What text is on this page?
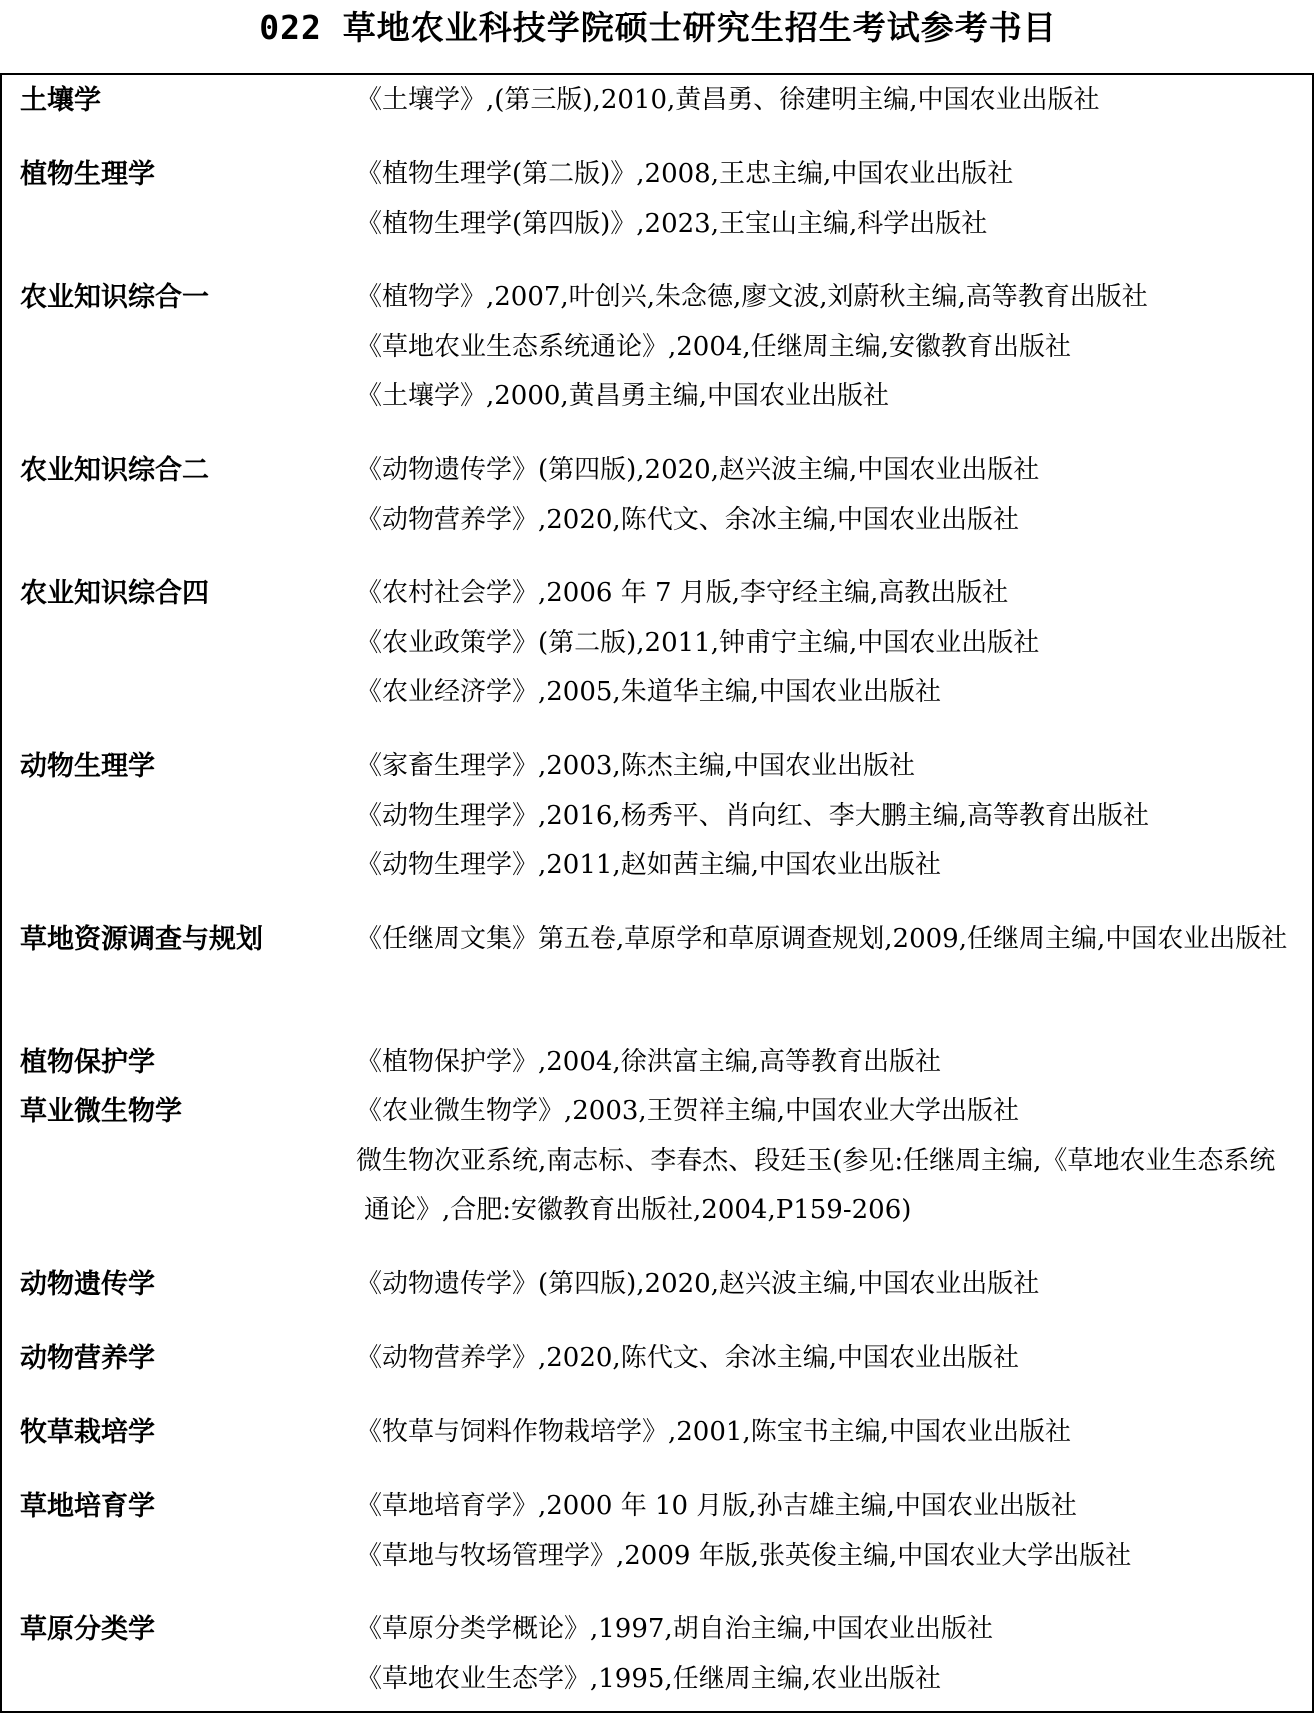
022 草地农业科技学院硕士研究生招生考试参考书目
土壤学	《土壤学》,(第三版),2010,黄昌勇、徐建明主编,中国农业出版社
植物生理学	《植物生理学(第二版)》,2008,王忠主编,中国农业出版社
《植物生理学(第四版)》,2023,王宝山主编,科学出版社
农业知识综合一	《植物学》,2007,叶创兴,朱念德,廖文波,刘蔚秋主编,高等教育出版社
《草地农业生态系统通论》,2004,任继周主编,安徽教育出版社
《土壤学》,2000,黄昌勇主编,中国农业出版社
农业知识综合二	《动物遗传学》(第四版),2020,赵兴波主编,中国农业出版社
《动物营养学》,2020,陈代文、余冰主编,中国农业出版社
农业知识综合四	《农村社会学》,2006 年 7 月版,李守经主编,高教出版社
《农业政策学》(第二版),2011,钟甫宁主编,中国农业出版社
《农业经济学》,2005,朱道华主编,中国农业出版社
动物生理学	《家畜生理学》,2003,陈杰主编,中国农业出版社
《动物生理学》,2016,杨秀平、肖向红、李大鹏主编,高等教育出版社
《动物生理学》,2011,赵如茜主编,中国农业出版社
草地资源调查与规划	《任继周文集》第五卷,草原学和草原调查规划,2009,任继周主编,中国农业出版社
植物保护学	《植物保护学》,2004,徐洪富主编,高等教育出版社
草业微生物学	《农业微生物学》,2003,王贺祥主编,中国农业大学出版社
微生物次亚系统,南志标、李春杰、段廷玉(参见:任继周主编,《草地农业生态系统通论》,合肥:安徽教育出版社,2004,P159-206)
动物遗传学	《动物遗传学》(第四版),2020,赵兴波主编,中国农业出版社
动物营养学	《动物营养学》,2020,陈代文、余冰主编,中国农业出版社
牧草栽培学	《牧草与饲料作物栽培学》,2001,陈宝书主编,中国农业出版社
草地培育学	《草地培育学》,2000 年 10 月版,孙吉雄主编,中国农业出版社
《草地与牧场管理学》,2009 年版,张英俊主编,中国农业大学出版社
草原分类学	《草原分类学概论》,1997,胡自治主编,中国农业出版社
《草地农业生态学》,1995,任继周主编,农业出版社
